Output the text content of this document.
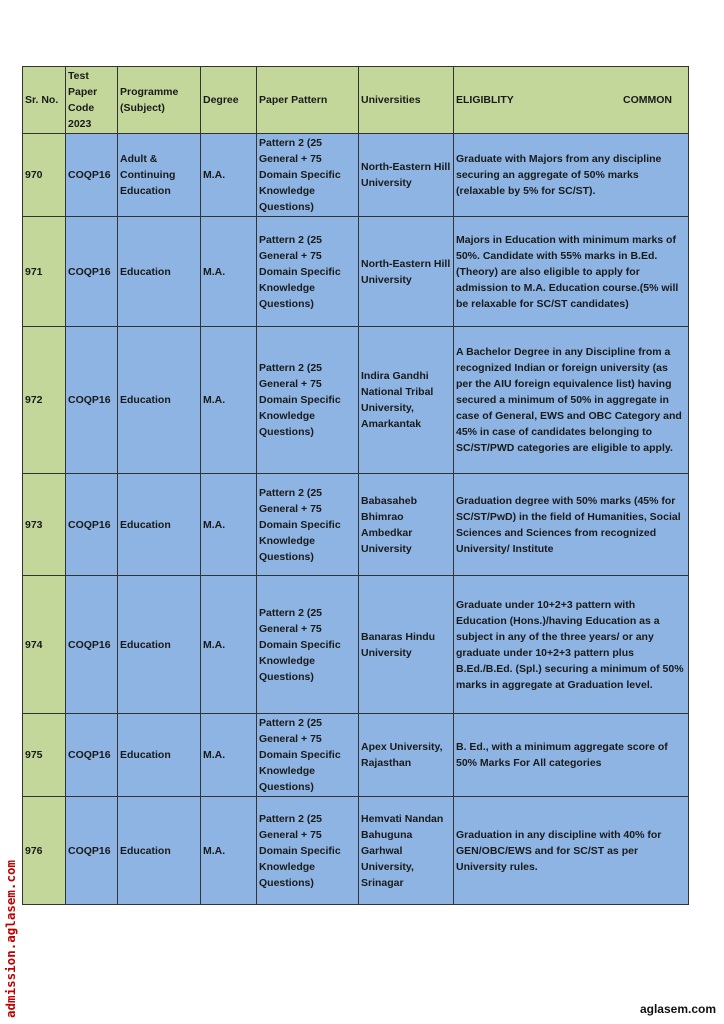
Sr. No.	Test Paper Code 2023	Programme (Subject)	Degree	Paper Pattern	Universities	ELIGIBLITY COMMON

970	COQP16	Adult & Continuing Education	M.A.	Pattern 2 (25 General + 75 Domain Specific Knowledge Questions)	North-Eastern Hill University	Graduate with Majors from any discipline securing an aggregate of 50% marks (relaxable by 5% for SC/ST).
971	COQP16	Education	M.A.	Pattern 2 (25 General + 75 Domain Specific Knowledge Questions)	North-Eastern Hill University	Majors in Education with minimum marks of 50%. Candidate with 55% marks in B.Ed. (Theory) are also eligible to apply for admission to M.A. Education course.(5% will be relaxable for SC/ST candidates)
972	COQP16	Education	M.A.	Pattern 2 (25 General + 75 Domain Specific Knowledge Questions)	Indira Gandhi National Tribal University, Amarkantak	A Bachelor Degree in any Discipline from a recognized Indian or foreign university (as per the AIU foreign equivalence list) having secured a minimum of 50% in aggregate in case of General, EWS and OBC Category and 45% in case of candidates belonging to SC/ST/PWD categories are eligible to apply.
973	COQP16	Education	M.A.	Pattern 2 (25 General + 75 Domain Specific Knowledge Questions)	Babasaheb Bhimrao Ambedkar University	Graduation degree with 50% marks (45% for SC/ST/PwD) in the field of Humanities, Social Sciences and Sciences from recognized University/ Institute
974	COQP16	Education	M.A.	Pattern 2 (25 General + 75 Domain Specific Knowledge Questions)	Banaras Hindu University	Graduate under 10+2+3 pattern with Education (Hons.)/having Education as a subject in any of the three years/ or any graduate under 10+2+3 pattern plus B.Ed./B.Ed. (Spl.) securing a minimum of 50% marks in aggregate at Graduation level.
975	COQP16	Education	M.A.	Pattern 2 (25 General + 75 Domain Specific Knowledge Questions)	Apex University, Rajasthan	B. Ed., with a minimum aggregate score of 50% Marks For All categories
976	COQP16	Education	M.A.	Pattern 2 (25 General + 75 Domain Specific Knowledge Questions)	Hemvati Nandan Bahuguna Garhwal University, Srinagar	Graduation in any discipline with 40% for GEN/OBC/EWS and for SC/ST as per University rules.
admission.aglasem.com	aglasem.com
